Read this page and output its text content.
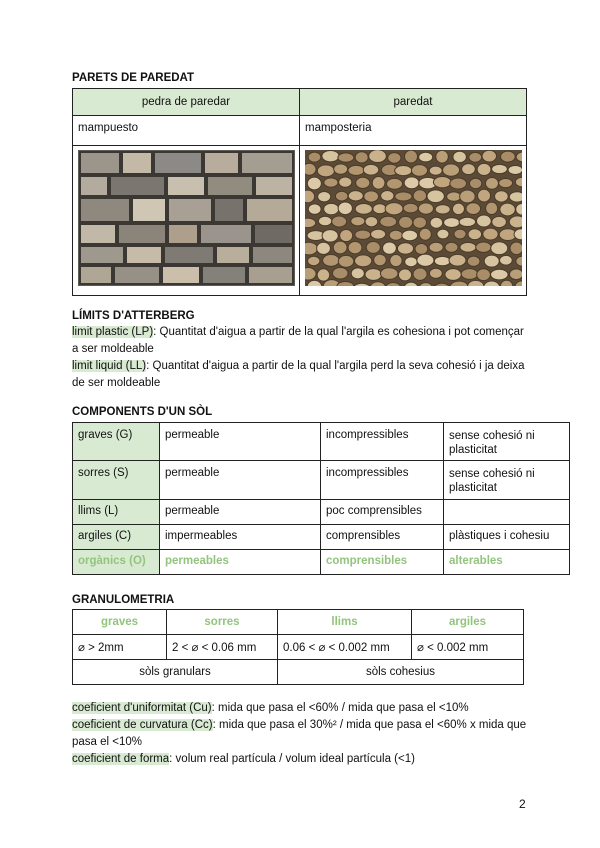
PARETS DE PAREDAT
pedra de paredar	paredat
mampuesto	mamposteria

LÍMITS D'ATTERBERG
limit plastic (LP): Quantitat d'aigua a partir de la qual l'argila es cohesiona i pot començar a ser moldeable
limit liquid (LL): Quantitat d'aigua a partir de la qual l'argila perd la seva cohesió i ja deixa de ser moldeable
COMPONENTS D'UN SÒL
graves (G)	permeable	incompressibles	sense cohesió ni plasticitat
sorres (S)	permeable	incompressibles	sense cohesió ni plasticitat
llims (L)	permeable	poc comprensibles	
argiles (C)	impermeables	comprensibles	plàstiques i cohesiu
orgànics (O)	permeables	comprensibles	alterables
GRANULOMETRIA
graves	sorres	llims	argiles
⌀ > 2mm	2 < ⌀ < 0.06 mm	0.06 < ⌀ < 0.002 mm	⌀ < 0.002 mm
sòls granulars		sòls cohesius	
coeficient d'uniformitat (Cu): mida que pasa el <60% / mida que pasa el <10%
coeficient de curvatura (Cc): mida que pasa el 30%² / mida que pasa el <60% x mida que pasa el <10%
coeficient de forma: volum real partícula / volum ideal partícula (<1)
2
